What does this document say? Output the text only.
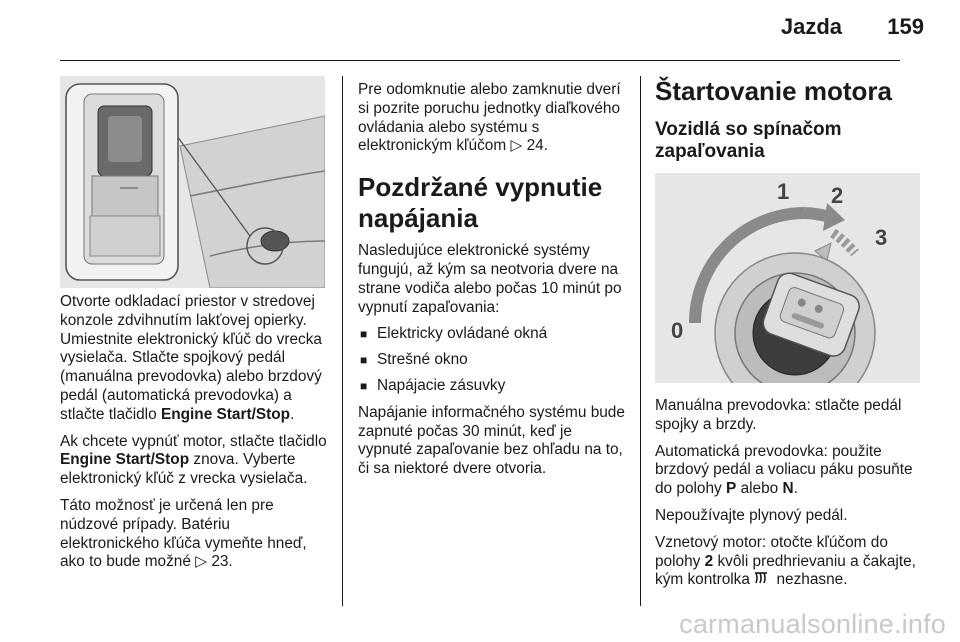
Jazda 159

Otvorte odkladací priestor v stredovej konzole zdvihnutím lakťovej opierky. Umiestnite elektronický kľúč do vrecka vysielača. Stlačte spojkový pedál (manuálna prevodovka) alebo brzdový pedál (automatická prevodovka) a stlačte tlačidlo Engine Start/Stop.

Ak chcete vypnúť motor, stlačte tlačidlo Engine Start/Stop znova. Vyberte elektronický kľúč z vrecka vysielača.

Táto možnosť je určená len pre núdzové prípady. Batériu elektronického kľúča vymeňte hneď, ako to bude možné ▷ 23.

Pre odomknutie alebo zamknutie dverí si pozrite poruchu jednotky diaľkového ovládania alebo systému s elektronickým kľúčom ▷ 24.

Pozdržané vypnutie napájania

Nasledujúce elektronické systémy fungujú, až kým sa neotvoria dvere na strane vodiča alebo počas 10 minút po vypnutí zapaľovania:

■ Elektricky ovládané okná
■ Strešné okno
■ Napájacie zásuvky

Napájanie informačného systému bude zapnuté počas 30 minút, keď je vypnuté zapaľovanie bez ohľadu na to, či sa niektoré dvere otvoria.

Štartovanie motora
Vozidlá so spínačom zapaľovania
0
1 2
3

Manuálna prevodovka: stlačte pedál spojky a brzdy.

Automatická prevodovka: použite brzdový pedál a voliacu páku posuňte do polohy P alebo N.

Nepoužívajte plynový pedál.

Vznetový motor: otočte kľúčom do polohy 2 kvôli predhrievaniu a čakajte, kým kontrolka  nezhasne.

carmanualsonline.info
